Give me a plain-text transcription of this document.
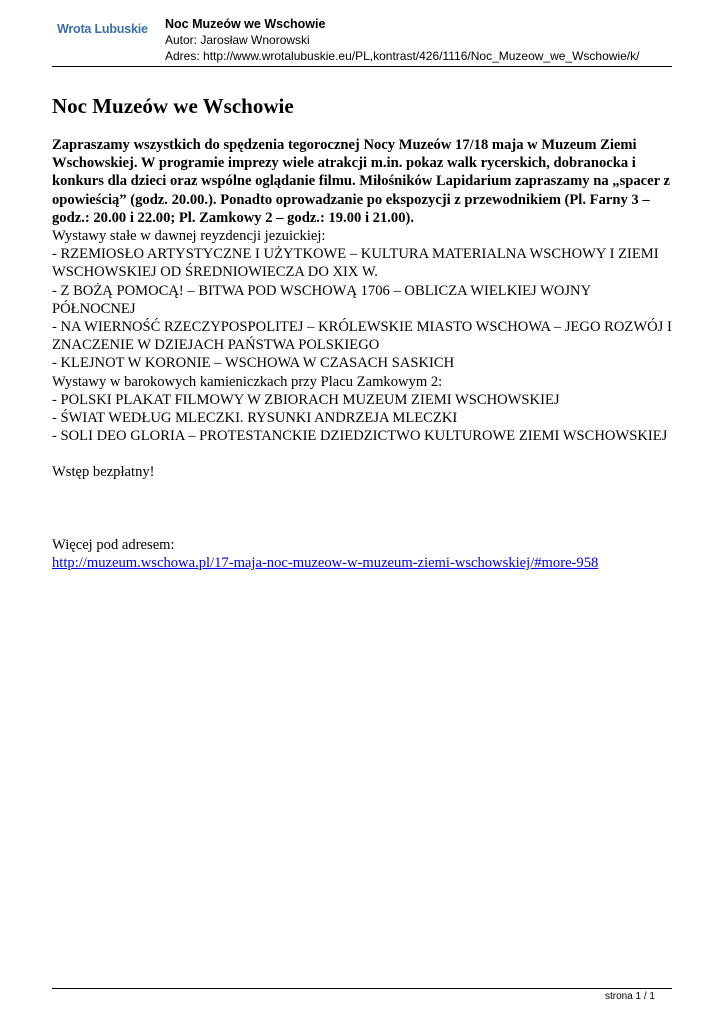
Wrota Lubuskie Noc Muzeów we Wschowie
Autor: Jarosław Wnorowski
Adres: http://www.wrotalubuskie.eu/PL,kontrast/426/1116/Noc_Muzeow_we_Wschowie/k/
Noc Muzeów we Wschowie

Zapraszamy wszystkich do spędzenia tegorocznej Nocy Muzeów 17/18 maja w Muzeum Ziemi Wschowskiej. W programie imprezy wiele atrakcji m.in. pokaz walk rycerskich, dobranocka i konkurs dla dzieci oraz wspólne oglądanie filmu. Miłośników Lapidarium zapraszamy na „spacer z opowieścią” (godz. 20.00.). Ponadto oprowadzanie po ekspozycji z przewodnikiem (Pl. Farny 3 – godz.: 20.00 i 22.00; Pl. Zamkowy 2 – godz.: 19.00 i 21.00).

Wystawy stałe w dawnej reyzdencji jezuickiej:

- RZEMIOSŁO ARTYSTYCZNE I UŻYTKOWE – KULTURA MATERIALNA WSCHOWY I ZIEMI WSCHOWSKIEJ OD ŚREDNIOWIECZA DO XIX W.

- Z BOŻĄ POMOCĄ! – BITWA POD WSCHOWĄ 1706 – OBLICZA WIELKIEJ WOJNY PÓŁNOCNEJ

- NA WIERNOŚĆ RZECZYPOSPOLITEJ – KRÓLEWSKIE MIASTO WSCHOWA – JEGO ROZWÓJ I ZNACZENIE W DZIEJACH PAŃSTWA POLSKIEGO

- KLEJNOT W KORONIE – WSCHOWA W CZASACH SASKICH

Wystawy w barokowych kamieniczkach przy Placu Zamkowym 2:

- POLSKI PLAKAT FILMOWY W ZBIORACH MUZEUM ZIEMI WSCHOWSKIEJ

- ŚWIAT WEDŁUG MLECZKI. RYSUNKI ANDRZEJA MLECZKI

- SOLI DEO GLORIA – PROTESTANCKIE DZIEDZICTWO KULTUROWE ZIEMI WSCHOWSKIEJ

Wstęp bezpłatny!

Więcej pod adresem:

http://muzeum.wschowa.pl/17-maja-noc-muzeow-w-muzeum-ziemi-wschowskiej/#more-958

strona 1 / 1
